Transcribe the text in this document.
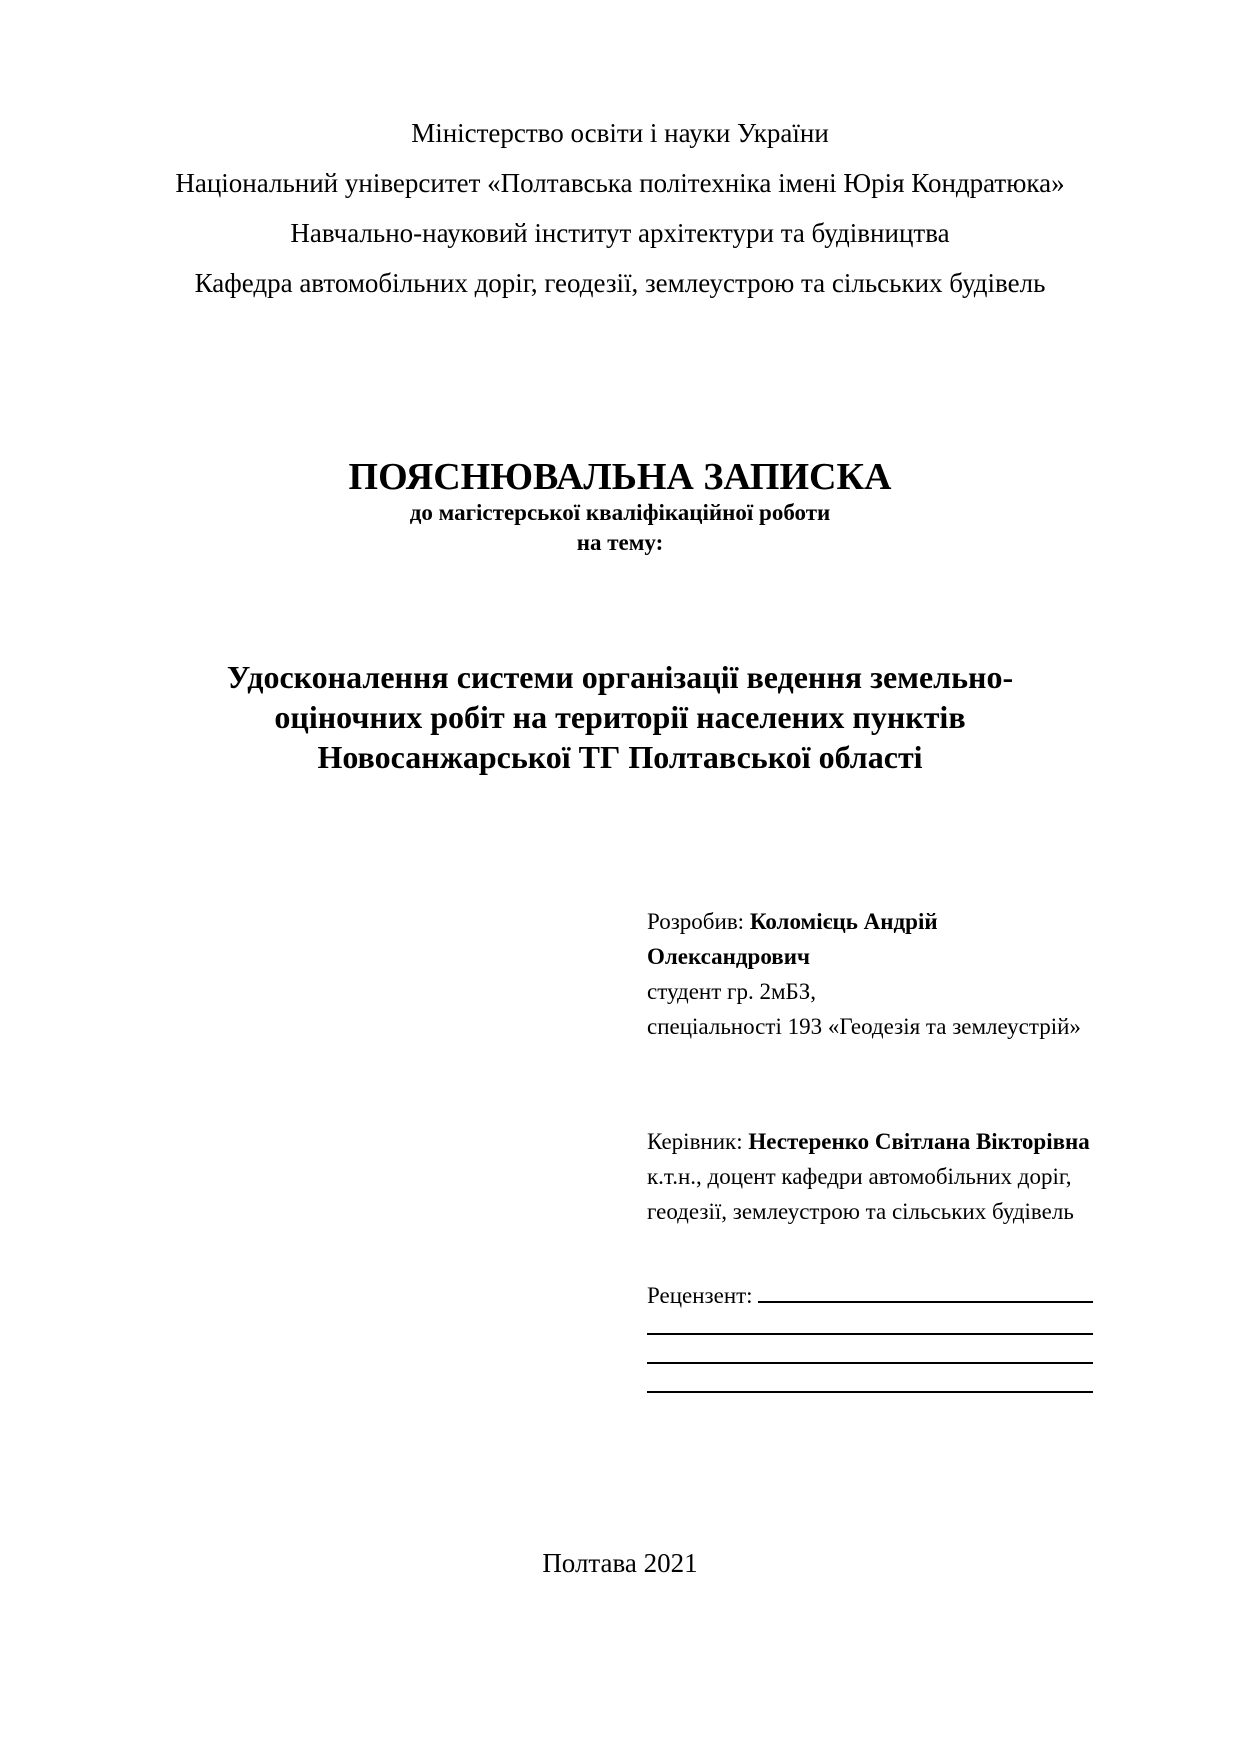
Міністерство освіти і науки України
Національний університет «Полтавська політехніка імені Юрія Кондратюка»
Навчально-науковий інститут архітектури та будівництва
Кафедра автомобільних доріг, геодезії, землеустрою та сільських будівель
ПОЯСНЮВАЛЬНА ЗАПИСКА
до магістерської кваліфікаційної роботи
на тему:
Удосконалення системи організації ведення земельно-
оціночних робіт на території населених пунктів
Новосанжарської ТГ Полтавської області
Розробив: Коломієць Андрій
Олександрович
студент гр. 2мБЗ,
спеціальності 193 «Геодезія та землеустрій»
Керівник: Нестеренко Світлана Вікторівна
к.т.н., доцент кафедри автомобільних доріг,
геодезії, землеустрою та сільських будівель
Рецензент:
Полтава 2021
